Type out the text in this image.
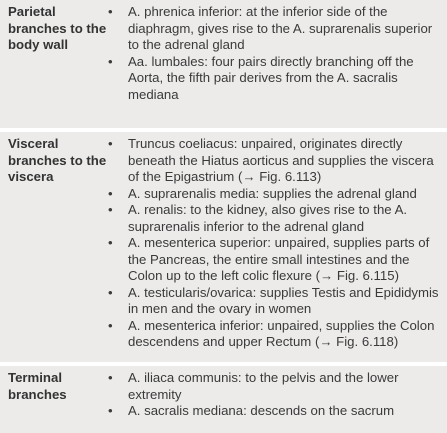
Parietal branches to the body wall
•	A. phrenica inferior: at the inferior side of the diaphragm, gives rise to the A. suprarenalis superior to the adrenal gland
•	Aa. lumbales: four pairs directly branching off the Aorta, the fifth pair derives from the A. sacralis mediana
Visceral branches to the viscera
•	Truncus coeliacus: unpaired, originates directly beneath the Hiatus aorticus and supplies the viscera of the Epigastrium (→ Fig. 6.113)
•	A. suprarenalis media: supplies the adrenal gland
•	A. renalis: to the kidney, also gives rise to the A. suprarenalis inferior to the adrenal gland
•	A. mesenterica superior: unpaired, supplies parts of the Pancreas, the entire small intestines and the Colon up to the left colic flexure (→ Fig. 6.115)
•	A. testicularis/ovarica: supplies Testis and Epididymis in men and the ovary in women
•	A. mesenterica inferior: unpaired, supplies the Colon descendens and upper Rectum (→ Fig. 6.118)
Terminal branches
•	A. iliaca communis: to the pelvis and the lower extremity
•	A. sacralis mediana: descends on the sacrum
